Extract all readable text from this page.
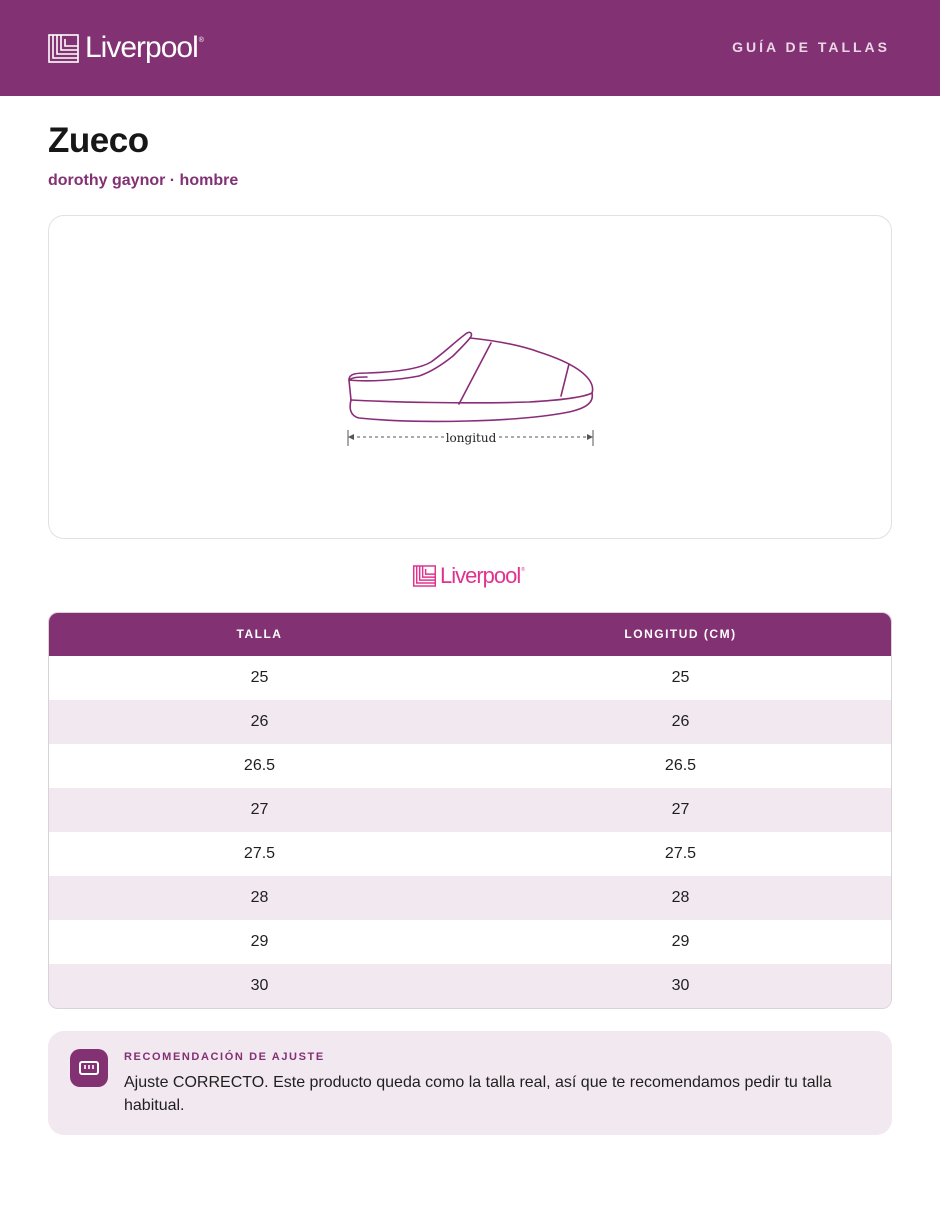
Liverpool ®	GUÍA DE TALLAS
Zueco
dorothy gaynor · hombre
longitud
Liverpool ®
TALLA	LONGITUD (CM)
25	25
26	26
26.5	26.5
27	27
27.5	27.5
28	28
29	29
30	30
RECOMENDACIÓN DE AJUSTE
Ajuste CORRECTO. Este producto queda como la talla real, así que te recomendamos pedir tu talla habitual.
